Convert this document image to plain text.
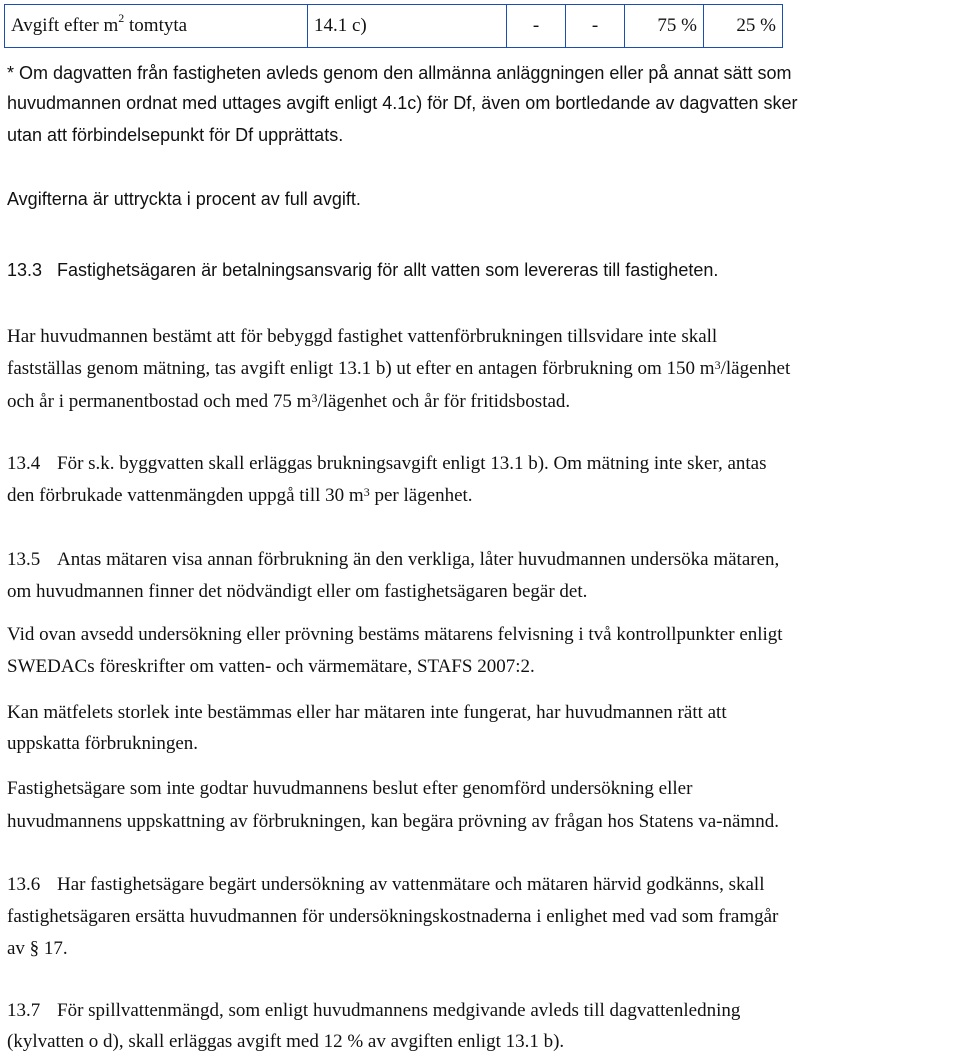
Avgift efter $m^2$ tomtyta	14.1 c)	-	-	75 %	25 %
* Om dagvatten från fastigheten avleds genom den allmänna anläggningen eller på annat sätt som
huvudmannen ordnat med uttages avgift enligt 4.1c) för Df, även om bortledande av dagvatten sker
utan att förbindelsepunkt för Df upprättats.
Avgifterna är uttryckta i procent av full avgift.
13.3 Fastighetsägaren är betalningsansvarig för allt vatten som levereras till fastigheten.
Har huvudmannen bestämt att för bebyggd fastighet vattenförbrukningen tillsvidare inte skall
fastställas genom mätning, tas avgift enligt 13.1 b) ut efter en antagen förbrukning om 150 $m^3$/lägenhet
och år i permanentbostad och med 75 $m^3$/lägenhet och år för fritidsbostad.
13.4 För s.k. byggvatten skall erläggas brukningsavgift enligt 13.1 b). Om mätning inte sker, antas
den förbrukade vattenmängden uppgå till 30 $m^3$ per lägenhet.
13.5 Antas mätaren visa annan förbrukning än den verkliga, låter huvudmannen undersöka mätaren,
om huvudmannen finner det nödvändigt eller om fastighetsägaren begär det.
Vid ovan avsedd undersökning eller prövning bestäms mätarens felvisning i två kontrollpunkter enligt
SWEDACs föreskrifter om vatten- och värmemätare, STAFS 2007:2.
Kan mätfelets storlek inte bestämmas eller har mätaren inte fungerat, har huvudmannen rätt att
uppskatta förbrukningen.
Fastighetsägare som inte godtar huvudmannens beslut efter genomförd undersökning eller
huvudmannens uppskattning av förbrukningen, kan begära prövning av frågan hos Statens va-nämnd.
13.6 Har fastighetsägare begärt undersökning av vattenmätare och mätaren härvid godkänns, skall
fastighetsägaren ersätta huvudmannen för undersökningskostnaderna i enlighet med vad som framgår
av § 17.
13.7 För spillvattenmängd, som enligt huvudmannens medgivande avleds till dagvattenledning
(kylvatten o d), skall erläggas avgift med 12 % av avgiften enligt 13.1 b).
